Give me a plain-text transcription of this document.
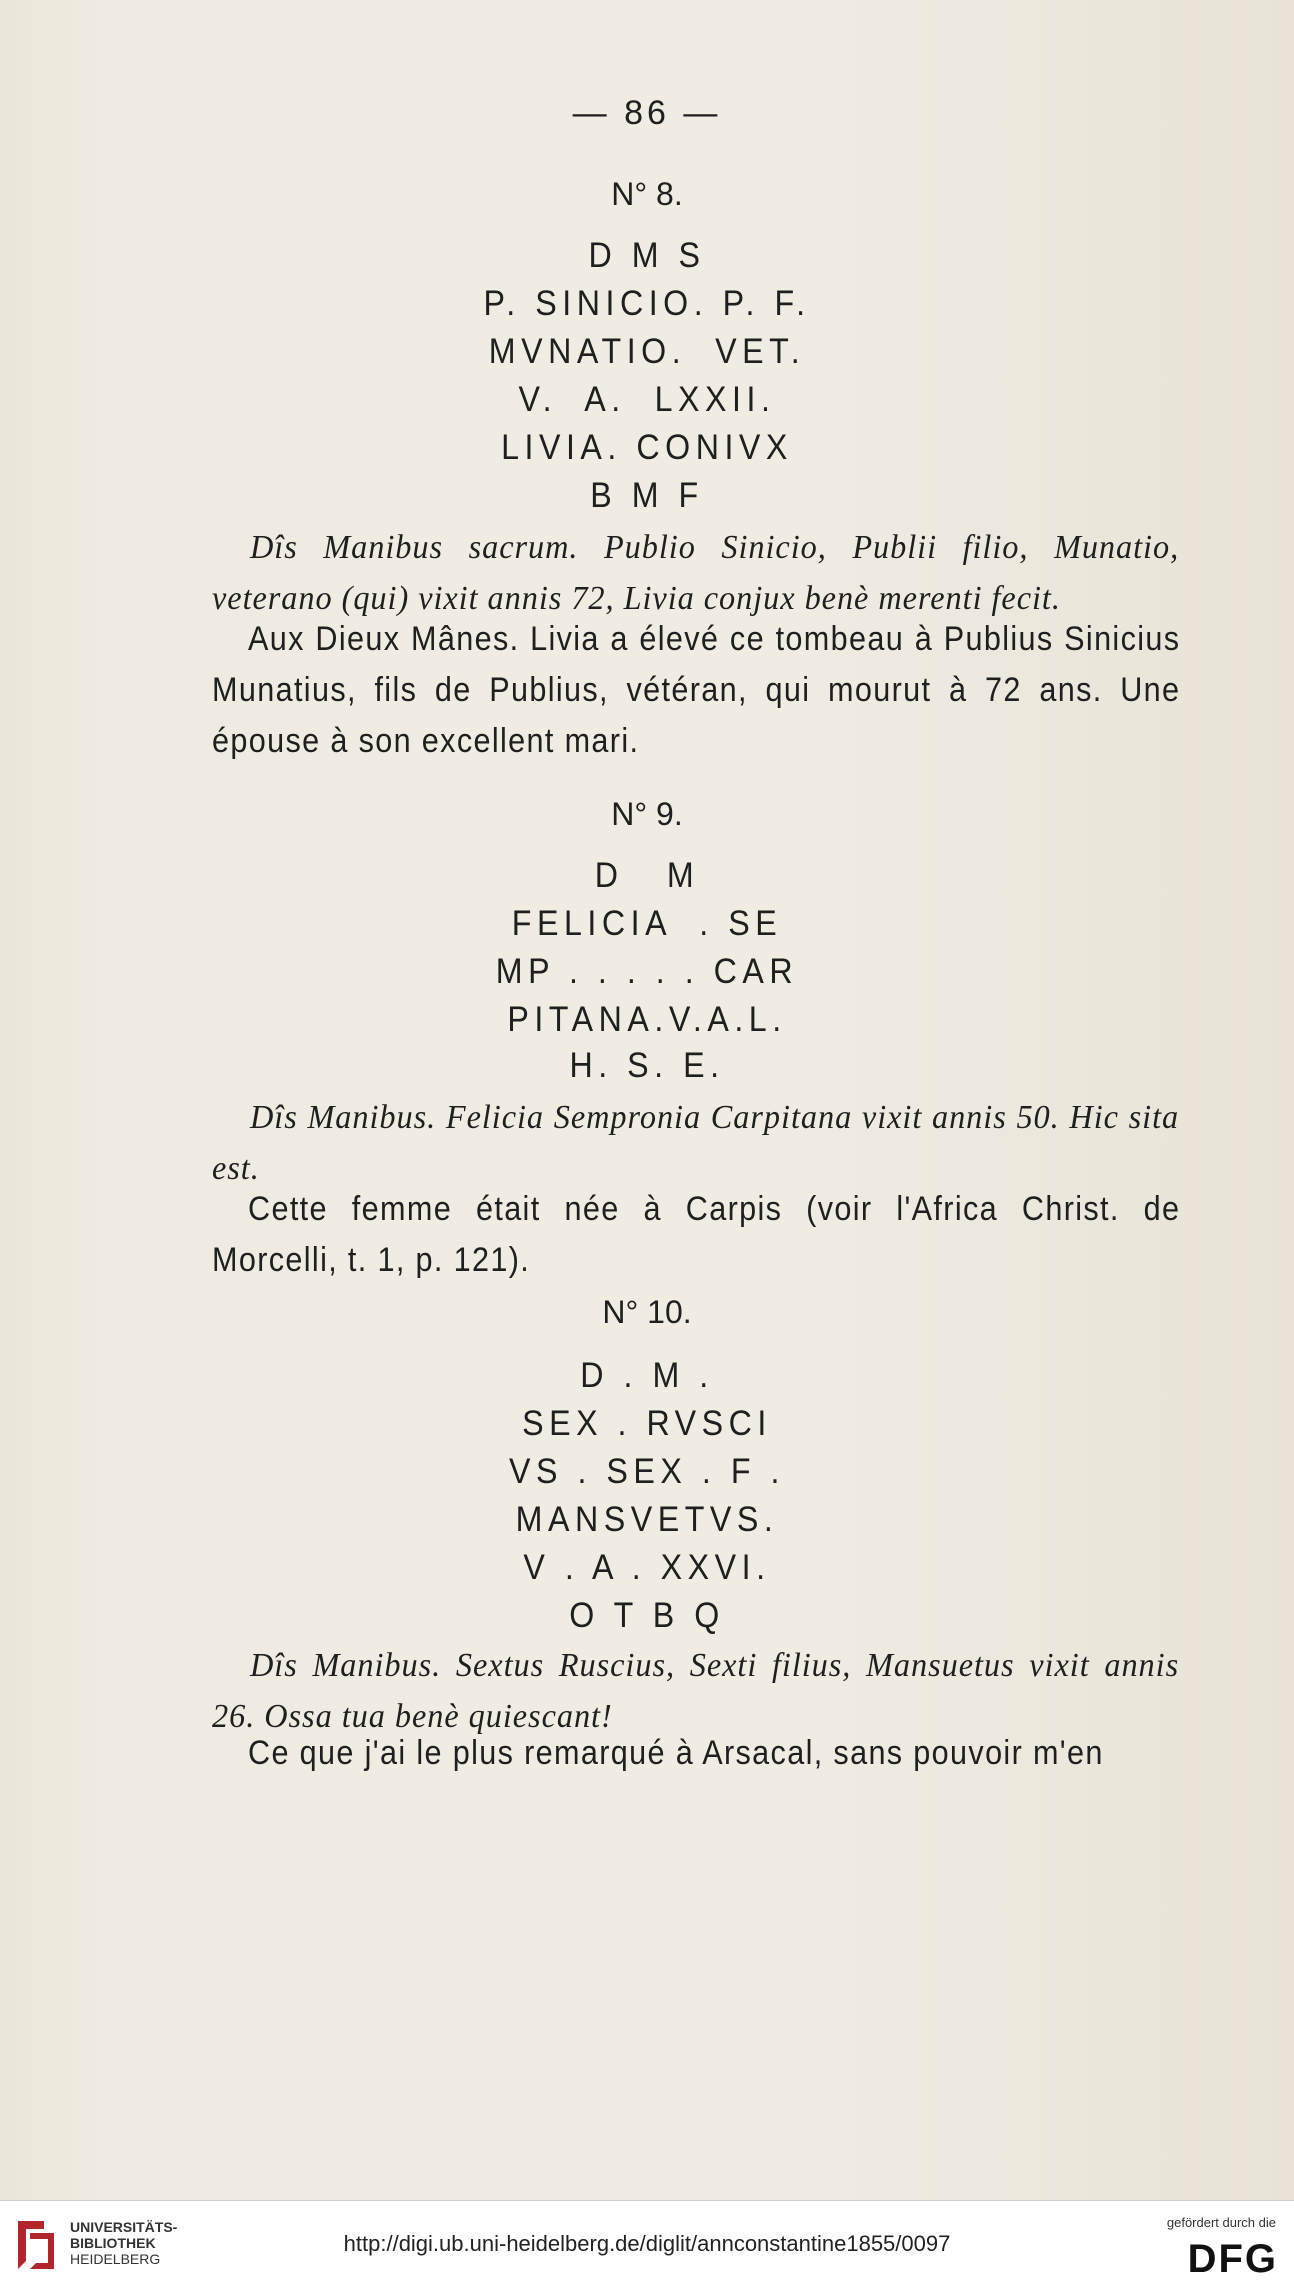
— 86 —
N° 8.
D M S
P. SINICIO. P. F.
MVNATIO.  VET.
V.  A.  LXXII.
LIVIA. CONIVX
B M F
Dîs Manibus sacrum. Publio Sinicio, Publii filio, Munatio, veterano (qui) vixit annis 72, Livia conjux benè merenti fecit.
Aux Dieux Mânes. Livia a élevé ce tombeau à Publius Sinicius Munatius, fils de Publius, vétéran, qui mourut à 72 ans. Une épouse à son excellent mari.
N° 9.
D   M
FELICIA  . SE
MP . . . . . CAR
PITANA.V.A.L.
H. S. E.
Dîs Manibus. Felicia Sempronia Carpitana vixit annis 50. Hic sita est.
Cette femme était née à Carpis (voir l'Africa Christ. de Morcelli, t. 1, p. 121).
N° 10.
D . M .
SEX . RVSCI
VS . SEX . F .
MANSVETVS.
V . A . XXVI.
O T B Q
Dîs Manibus. Sextus Ruscius, Sexti filius, Mansuetus vixit annis 26. Ossa tua benè quiescant!
Ce que j'ai le plus remarqué à Arsacal, sans pouvoir m'en
UNIVERSITÄTS-
BIBLIOTHEK
HEIDELBERG
http://digi.ub.uni-heidelberg.de/diglit/annconstantine1855/0097
gefördert durch die
DFG
